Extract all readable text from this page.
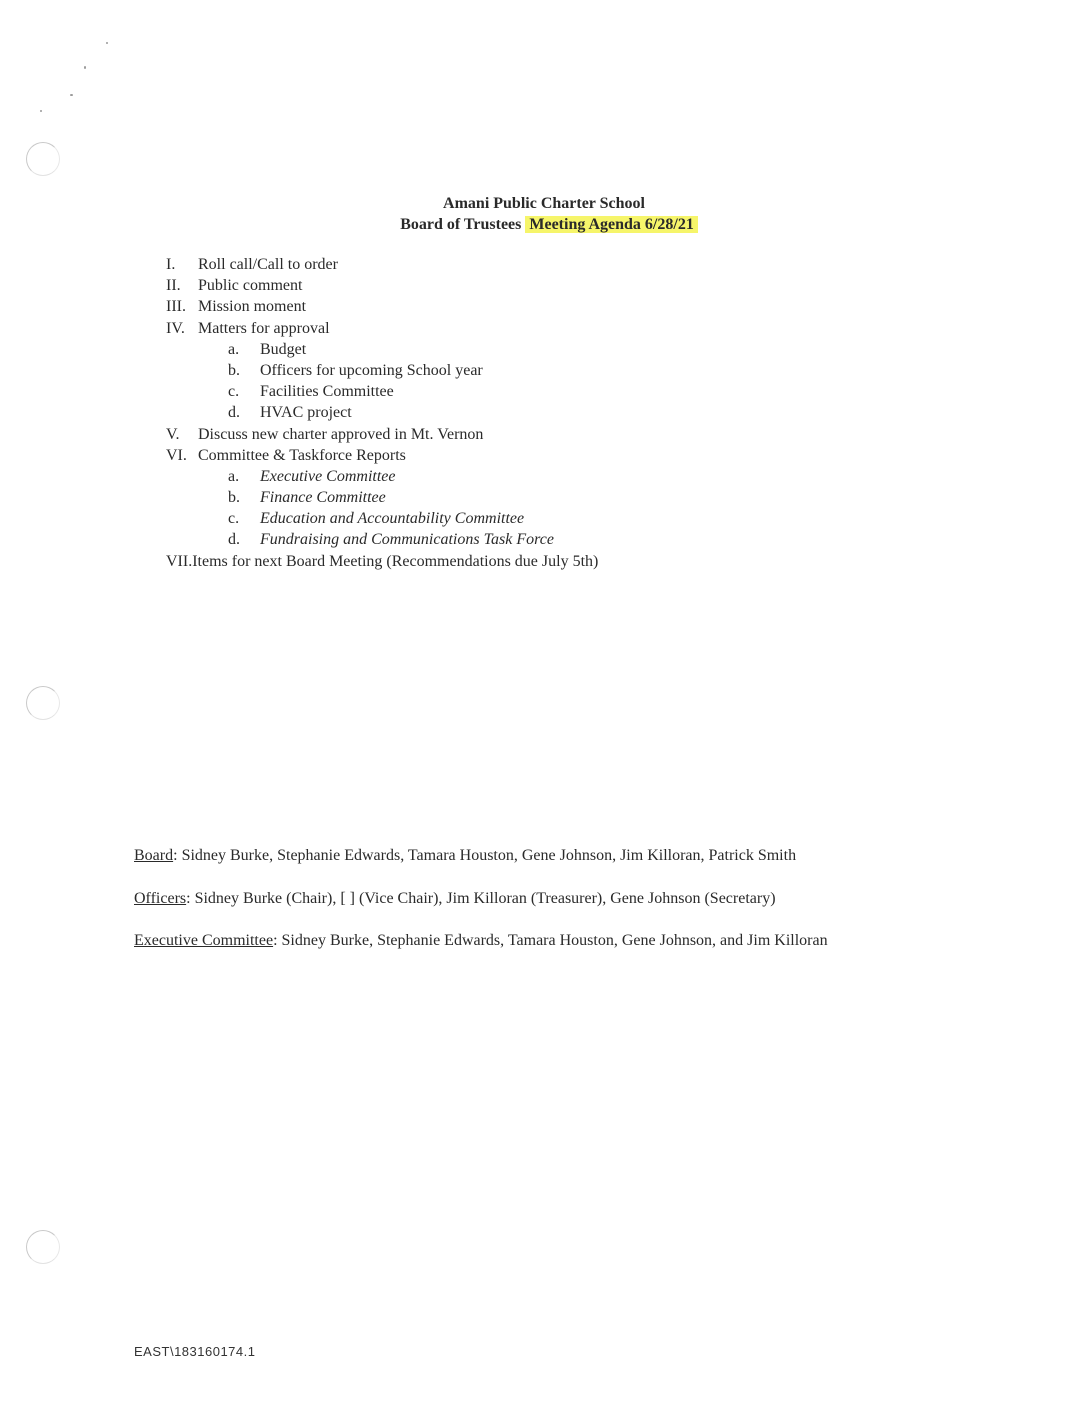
Amani Public Charter School
Board of Trustees Meeting Agenda 6/28/21
I. Roll call/Call to order
II. Public comment
III. Mission moment
IV. Matters for approval
a. Budget
b. Officers for upcoming School year
c. Facilities Committee
d. HVAC project
V. Discuss new charter approved in Mt. Vernon
VI. Committee & Taskforce Reports
a. Executive Committee
b. Finance Committee
c. Education and Accountability Committee
d. Fundraising and Communications Task Force
VII.Items for next Board Meeting (Recommendations due July 5th)
Board: Sidney Burke, Stephanie Edwards, Tamara Houston, Gene Johnson, Jim Killoran, Patrick Smith
Officers: Sidney Burke (Chair), [ ] (Vice Chair), Jim Killoran (Treasurer), Gene Johnson (Secretary)
Executive Committee: Sidney Burke, Stephanie Edwards, Tamara Houston, Gene Johnson, and Jim Killoran
EAST\183160174.1
